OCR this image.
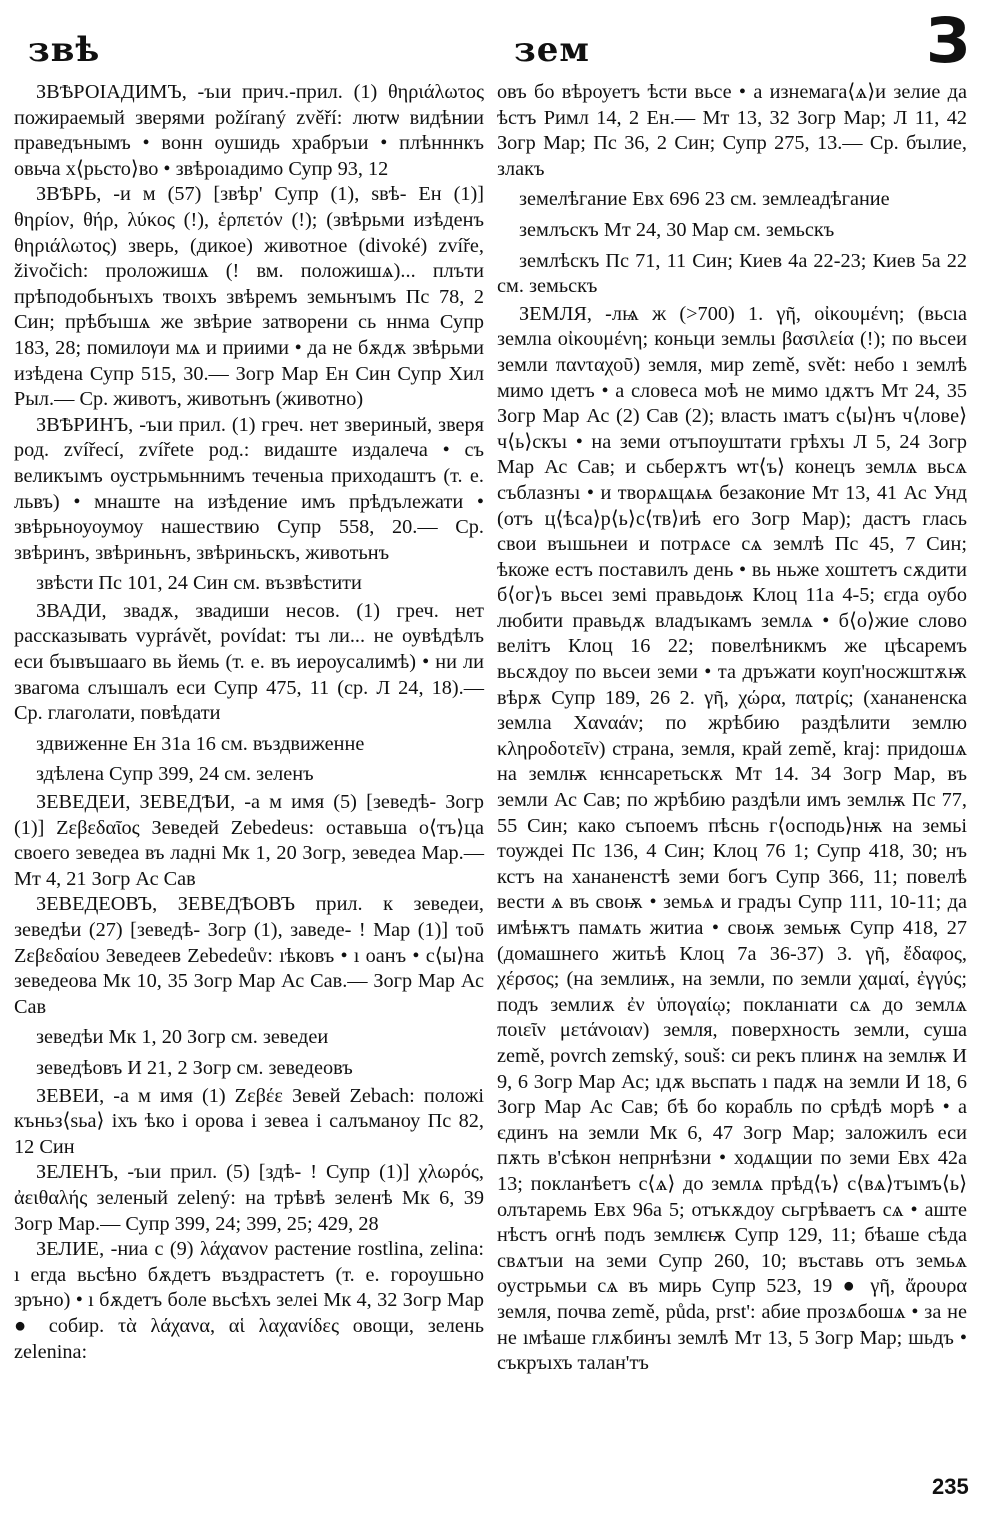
звѣ	зем	З

ЗВѢРОІАДИМЪ, -ъıи прич.-прил. (1) θηριάλωτος пожираемый зверями požíraný zvěří: лютѡ видѣнии праведънымъ • вонн оушидь храбръıи • плѣнннкъ овьча х⟨рьсто⟩во • звѣроıадимо Супр 93, 12

ЗВѢРЬ, -и м (57) [звѣр' Супр (1), ѕвѣ- Ен (1)] θηρίον, θήρ, λύκος (!), ἑρπετόν (!); (звѣрьми изѣденъ θηριάλωτος) зверь, (дикое) животное (divoké) zvíře, živočich: проложишѧ (! вм. положишѧ)... плъти прѣподобьнъıхъ твоıхъ звѣремъ земьнъıмъ Пс 78, 2 Син; прѣбъıшѧ же звѣрие затворени сь ннма Супр 183, 28; помилѹи мѧ и приими • да не бѫдѫ звѣрьми изѣдена Супр 515, 30.— Зогр Мар Ен Син Супр Хил Рыл.— Ср. животъ, животьнъ (животно)

ЗВѢРИНЪ, -ъıи прил. (1) греч. нет звериный, зверя род. zvířecí, zvířete род.: видаште издалеча • съ великъıмъ оустрьмьннимъ теченьıа приходаштъ (т. е. львъ) • мнаште на изѣдение имъ прѣдълежати • звѣрьноуоумоу нашествию Супр 558, 20.— Ср. звѣринъ, звѣриньнъ, звѣриньскъ, животьнъ

звѣсти Пс 101, 24 Син см. възвѣстити

ЗВАДИ, звадѫ, звадиши несов. (1) греч. нет рассказывать vyprávět, povídat: тъı ли... не оувѣдѣлъ еси бъıвъшааго вь йемь (т. е. въ иероусалимѣ) • ни ли звагома слъıшалъ еси Супр 475, 11 (ср. Л 24, 18).— Ср. глаголати, повѣдати

здвиженне Ен 31а 16 см. въздвиженне

здѣлена Супр 399, 24 см. зеленъ

ЗЕВЕДЕИ, ЗЕВЕДѢИ, -а м имя (5) [зеведѣ- Зогр (1)] Ζεβεδαῖος Зеведей Zebedeus: оставьша о⟨тъ⟩ца своего зеведеа въ ладні Мк 1, 20 Зогр, зеведеа Мар.— Мт 4, 21 Зогр Ас Сав

ЗЕВЕДЕОВЪ, ЗЕВЕДѢОВЪ прил. к зеведеи, зеведѣи (27) [зеведѣ- Зогр (1), заведе- ! Мар (1)] τοῦ Ζεβεδαίου Зеведеев Zebedeův: ıѣковъ • ı оанъ • с⟨ы⟩на зеведеова Мк 10, 35 Зогр Мар Ас Сав.— Зогр Мар Ас Сав

зеведѣи Мк 1, 20 Зогр см. зеведеи

зеведѣовъ И 21, 2 Зогр см. зеведеовъ

ЗЕВЕИ, -а м имя (1) Ζεβέε Зевей Zebach: положі къньз⟨ѕьа⟩ іхъ ѣко і орова і зевеа і салъманоу Пс 82, 12 Син

ЗЕЛЕНЪ, -ъıи прил. (5) [здѣ- ! Супр (1)] χλωρός, ἀειθαλής зеленый zelený: на трѣвѣ зеленѣ Мк 6, 39 Зогр Мар.— Супр 399, 24; 399, 25; 429, 28

ЗЕЛИЕ, -ниа с (9) λάχανον растение rostlina, zelina: ı егда вьсѣно бѫдетъ въздрастетъ (т. е. гороушьно зръно) • ı бѫдетъ боле вьсѣхъ зелеі Мк 4, 32 Зогр Мар ● собир. τὰ λάχανα, αἱ λαχανίδες овощи, зелень zelenina:

овъ бо вѣроуетъ ѣсти вьсе • а изнемага⟨ѧ⟩и зелие да ѣстъ Римл 14, 2 Ен.— Мт 13, 32 Зогр Мар; Л 11, 42 Зогр Мар; Пс 36, 2 Син; Супр 275, 13.— Ср. бъıлие, злакъ

земелѣгание Евх 696 23 см. землеадѣгание

землъскъ Мт 24, 30 Мар см. земьскъ

землѣскъ Пс 71, 11 Син; Киев 4а 22-23; Киев 5а 22 см. земьскъ

ЗЕМЛЯ, -лѩ ж (>700) 1. γῆ, οἰκουμένη; (вьсıа землıа οἰκουμένη; коньци земльı βασιλεία (!); по вьсеи земли πανταχοῦ) земля, мир země, svět: небо ı землѣ мимо ıдетъ • а словеса моѣ не мимо ıдѫтъ Мт 24, 35 Зогр Мар Ас (2) Сав (2); власть ıматъ с⟨ы⟩нъ ч⟨лове⟩ч⟨ь⟩скъı • на земи отъпоуштати грѣхъı Л 5, 24 Зогр Мар Ас Сав; и сьберѫтъ ѡт⟨ъ⟩ конецъ землѧ вьсѧ съблазнъı • и творѧщѧѩ безаконие Мт 13, 41 Ас Унд (отъ ц⟨ѣса⟩р⟨ь⟩с⟨тв⟩иѣ его Зогр Мар); дастъ глась свои въıшьнеи и потрѧсе сѧ землѣ Пс 45, 7 Син; ѣкоже естъ поставилъ день • вь ньже хоштетъ сѫдити б⟨ог⟩ъ вьсеı земі правьдоѭ Клоц 11а 4-5; єгда оубо любити правьдѫ владъıкамъ землѧ • б⟨о⟩жие слово велітъ Клоц 16 22; повелѣникмъ же цѣсаремъ вьсѫдоу по вьсеи земи • та дръжати коуп'носжштѫѭ вѣрѫ Супр 189, 26 2. γῆ, χώρα, πατρίς; (хананенска землıа Χαναάν; по жрѣбию раздѣлити землю κληροδοτεῖν) страна, земля, край země, kraj: придошѧ на землѭ ѥннсаретьскѫ Мт 14. 34 Зогр Мар, въ земли Ас Сав; по жрѣбию раздѣли имъ землѭ Пс 77, 55 Син; како съпоемъ пѣснь г⟨осподь⟩нѭ на земьі тоуждеі Пс 136, 4 Син; Клоц 76 1; Супр 418, 30; нъ кстъ на хананенстѣ земи богъ Супр 366, 11; повелѣ вести ѧ въ своѭ • земьѧ и градъı Супр 111, 10-11; да имѣѭтъ памѧть житиа • своѭ земьѭ Супр 418, 27 (домашнего житьѣ Клоц 7а 36-37) 3. γῆ, ἔδαφος, χέρσος; (на землиѭ, на земли, по земли χαμαί, ἐγγύς; подъ землиѫ ἐν ὑπογαίῳ; покланıати сѧ до землѧ ποιεῖν μετάνοιαν) земля, поверхность земли, суша země, povrch zemský, souš: си рекъ плинѫ на землѭ И 9, 6 Зогр Мар Ас; ıдѫ вьспать ı падѫ на земли И 18, 6 Зогр Мар Ас Сав; бѣ бо корабль по срѣдѣ морѣ • а єдинъ на земли Мк 6, 47 Зогр Мар; заложилъ еси пѫть в'сѣкон непрнѣзни • ходѧщии по земи Евх 42а 13; покланѣетъ с⟨ѧ⟩ до землѧ прѣд⟨ъ⟩ с⟨вѧ⟩тъıмъ⟨ь⟩ олътаремь Евх 96а 5; отъкѫдоу сьгрѣваетъ сѧ • аште нѣстъ огнѣ подъ землѥѭ Супр 129, 11; бѣаше сѣда свѧтъıи на земи Супр 260, 10; въставь отъ земьѧ оустрьмьи сѧ въ мирь Супр 523, 19 ● γῆ, ἄρουρα земля, почва země, půda, prst': абие прозѧбошѧ • за не не ıмѣаше глѫбинъı землѣ Мт 13, 5 Зогр Мар; шьдъ • съкръıхъ талан'тъ

235
